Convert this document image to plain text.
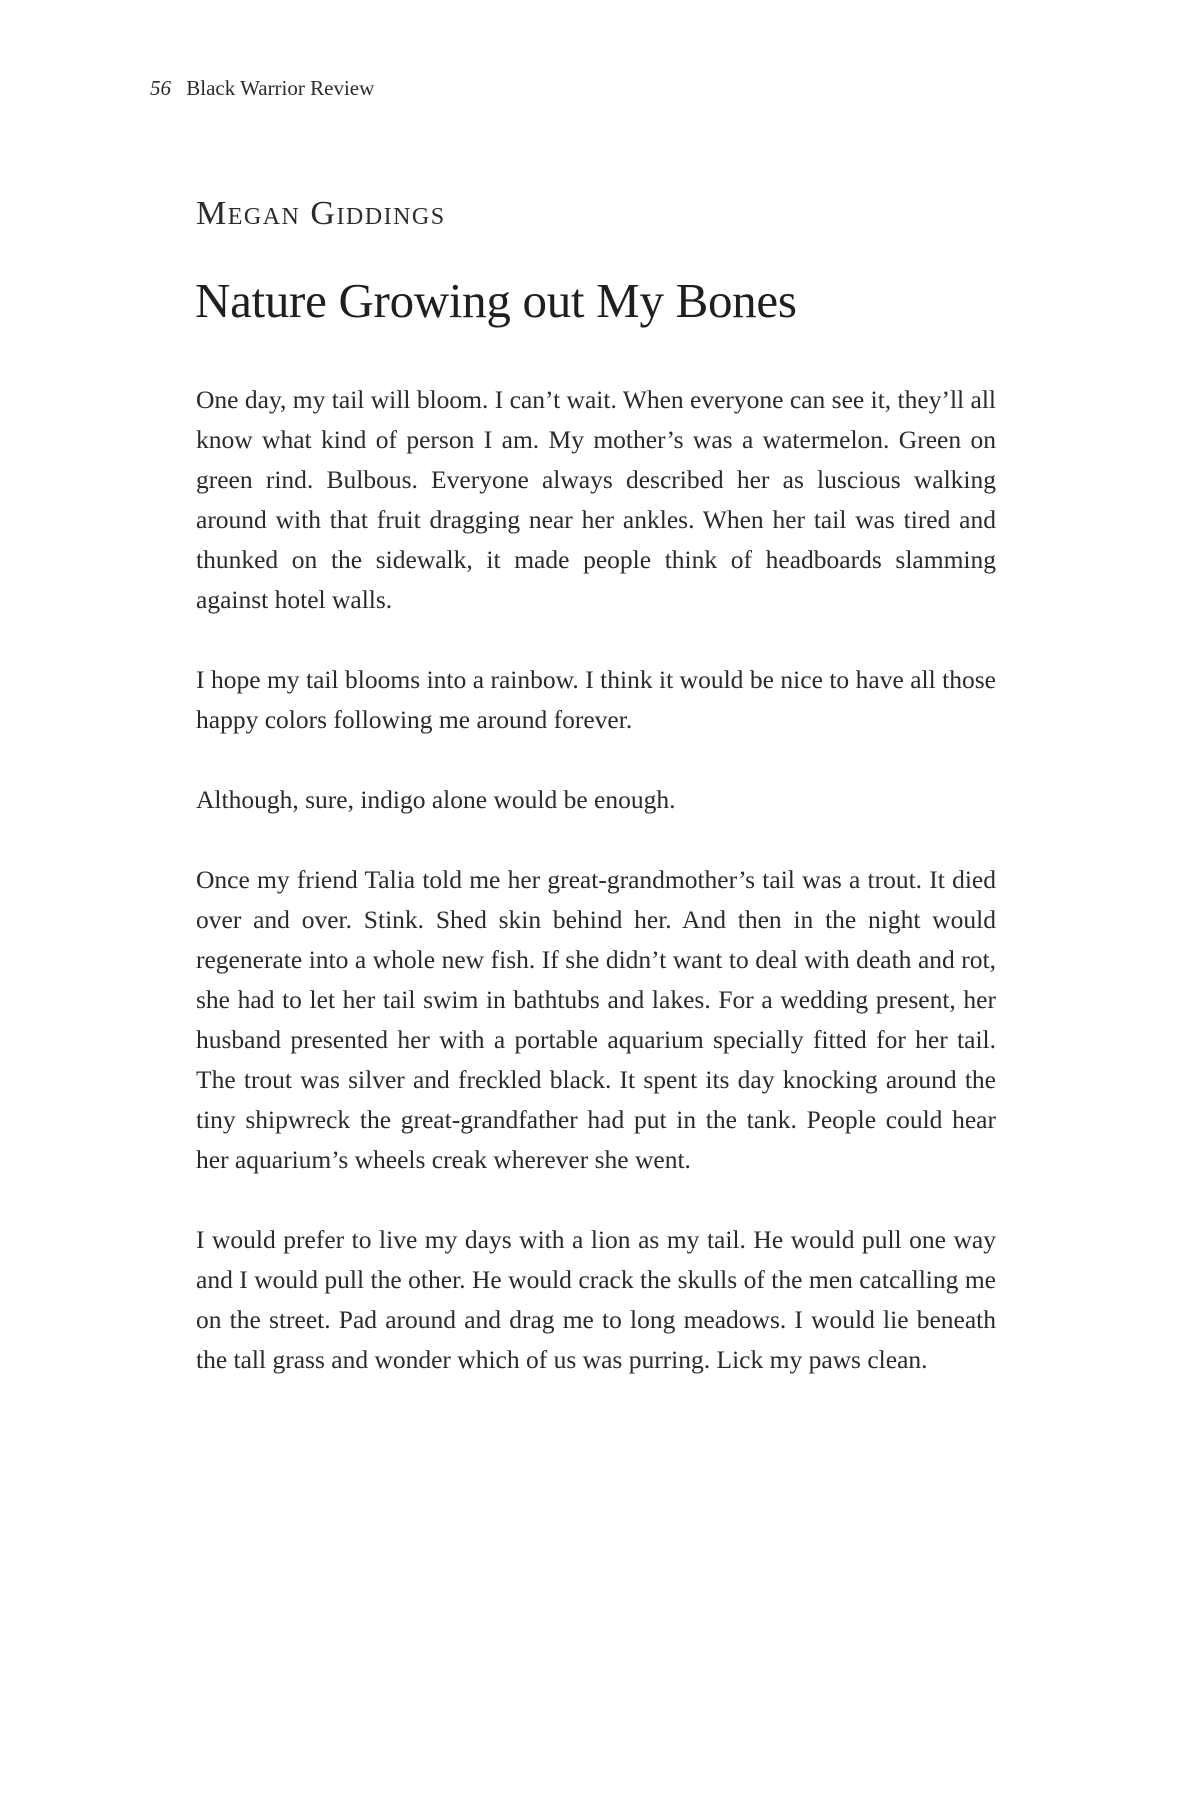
56 Black Warrior Review
Megan Giddings
Nature Growing out My Bones

One day, my tail will bloom. I can’t wait. When everyone can see it, they’ll all know what kind of person I am. My mother’s was a watermelon. Green on green rind. Bulbous. Everyone always described her as luscious walking around with that fruit dragging near her ankles. When her tail was tired and thunked on the sidewalk, it made people think of headboards slamming against hotel walls.

I hope my tail blooms into a rainbow. I think it would be nice to have all those happy colors following me around forever.

Although, sure, indigo alone would be enough.

Once my friend Talia told me her great-grandmother’s tail was a trout. It died over and over. Stink. Shed skin behind her. And then in the night would regenerate into a whole new fish. If she didn’t want to deal with death and rot, she had to let her tail swim in bathtubs and lakes. For a wedding present, her husband presented her with a portable aquarium specially fitted for her tail. The trout was silver and freckled black. It spent its day knocking around the tiny shipwreck the great-grandfather had put in the tank. People could hear her aquarium’s wheels creak wherever she went.

I would prefer to live my days with a lion as my tail. He would pull one way and I would pull the other. He would crack the skulls of the men catcalling me on the street. Pad around and drag me to long meadows. I would lie beneath the tall grass and wonder which of us was purring. Lick my paws clean.
